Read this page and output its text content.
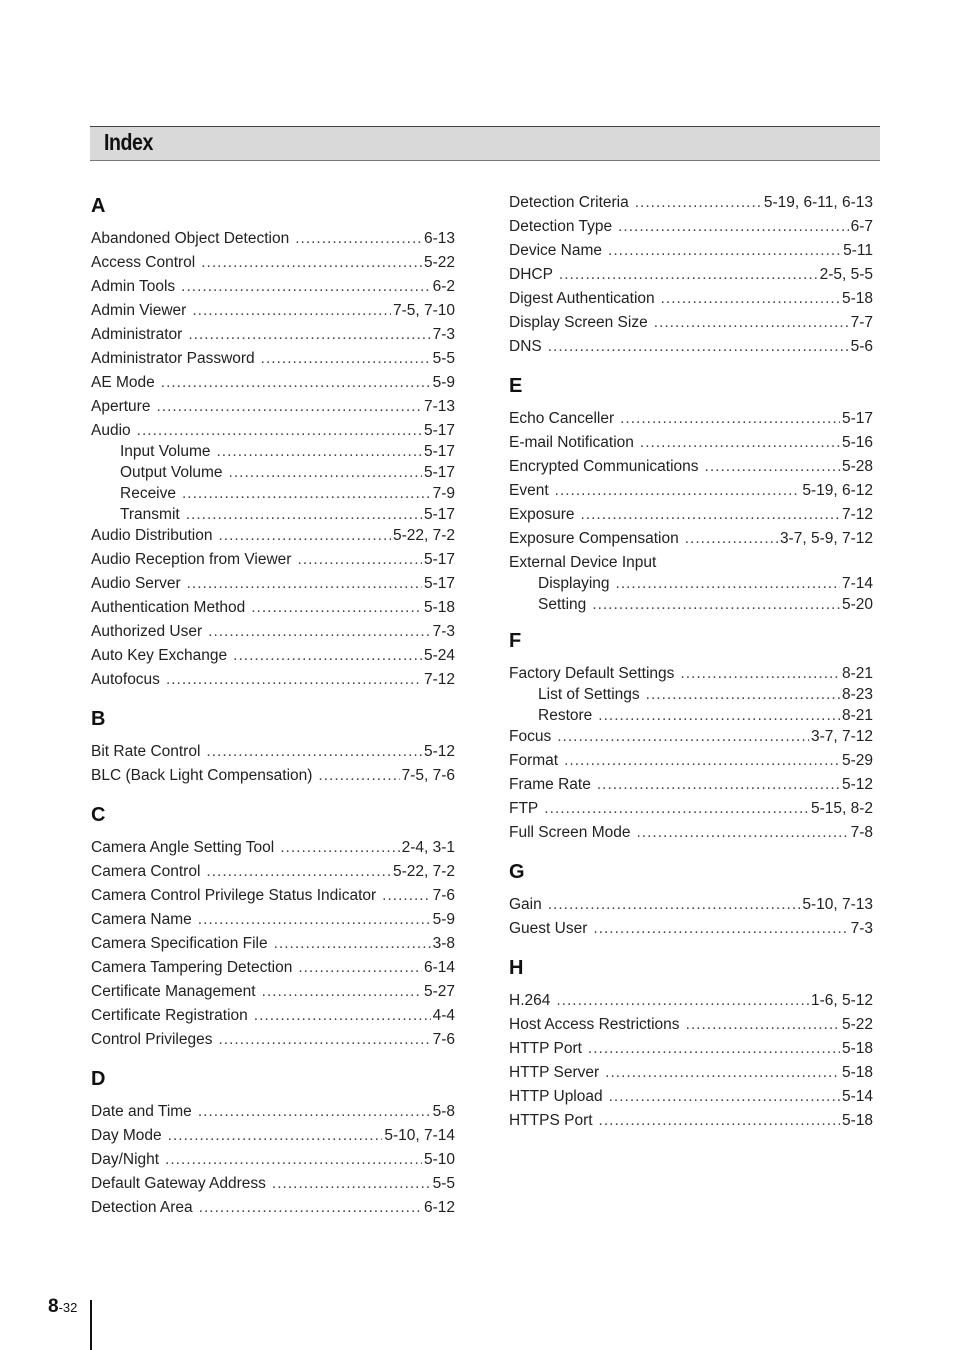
Index
A
Abandoned Object Detection .....	6-13
Access Control .....	5-22
Admin Tools .....	6-2
Admin Viewer .....	7-5, 7-10
Administrator .....	7-3
Administrator Password .....	5-5
AE Mode .....	5-9
Aperture .....	7-13
Audio .....	5-17
Input Volume .....	5-17
Output Volume .....	5-17
Receive .....	7-9
Transmit .....	5-17
Audio Distribution .....	5-22, 7-2
Audio Reception from Viewer .....	5-17
Audio Server .....	5-17
Authentication Method .....	5-18
Authorized User .....	7-3
Auto Key Exchange .....	5-24
Autofocus .....	7-12
B
Bit Rate Control .....	5-12
BLC (Back Light Compensation) .....	7-5, 7-6
C
Camera Angle Setting Tool .....	2-4, 3-1
Camera Control .....	5-22, 7-2
Camera Control Privilege Status Indicator .....	7-6
Camera Name .....	5-9
Camera Specification File .....	3-8
Camera Tampering Detection .....	6-14
Certificate Management .....	5-27
Certificate Registration .....	4-4
Control Privileges .....	7-6
D
Date and Time .....	5-8
Day Mode .....	5-10, 7-14
Day/Night .....	5-10
Default Gateway Address .....	5-5
Detection Area .....	6-12
Detection Criteria .....	5-19, 6-11, 6-13
Detection Type .....	6-7
Device Name .....	5-11
DHCP .....	2-5, 5-5
Digest Authentication .....	5-18
Display Screen Size .....	7-7
DNS .....	5-6
E
Echo Canceller .....	5-17
E-mail Notification .....	5-16
Encrypted Communications .....	5-28
Event .....	5-19, 6-12
Exposure .....	7-12
Exposure Compensation .....	3-7, 5-9, 7-12
External Device Input
Displaying .....	7-14
Setting .....	5-20
F
Factory Default Settings .....	8-21
List of Settings .....	8-23
Restore .....	8-21
Focus .....	3-7, 7-12
Format .....	5-29
Frame Rate .....	5-12
FTP .....	5-15, 8-2
Full Screen Mode .....	7-8
G
Gain .....	5-10, 7-13
Guest User .....	7-3
H
H.264 .....	1-6, 5-12
Host Access Restrictions .....	5-22
HTTP Port .....	5-18
HTTP Server .....	5-18
HTTP Upload .....	5-14
HTTPS Port .....	5-18
8-32
